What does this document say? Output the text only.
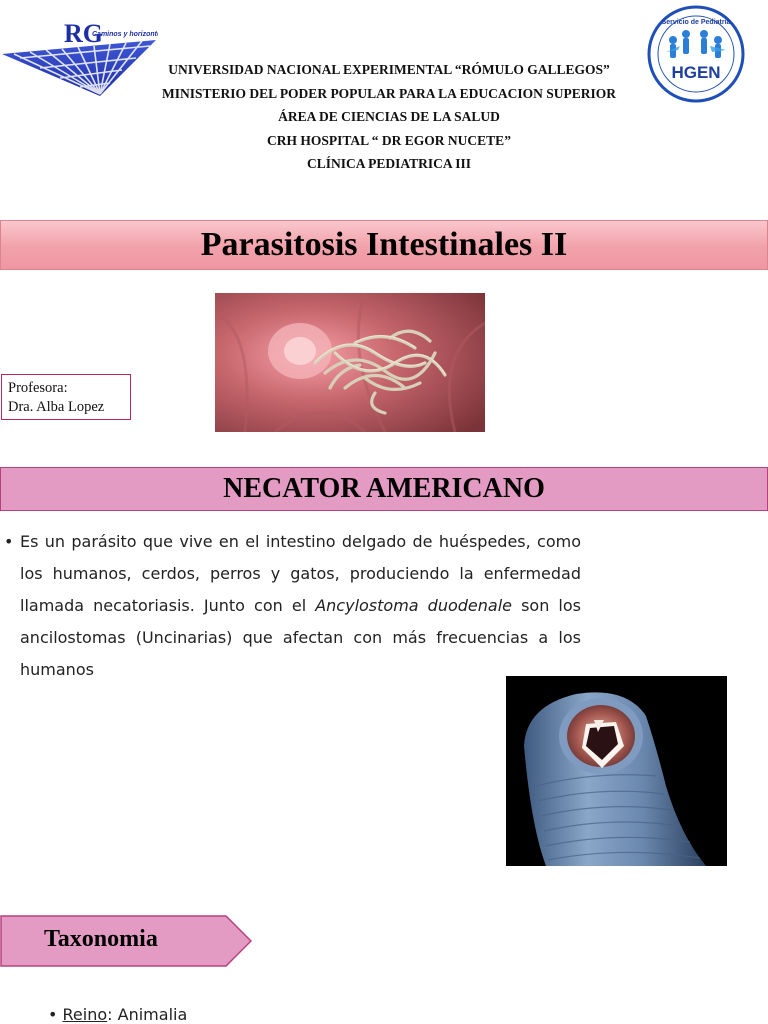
RG
Caminos y horizontes
HGEN
Servicio de Pediatría
UNIVERSIDAD NACIONAL EXPERIMENTAL “RÓMULO GALLEGOS”
MINISTERIO DEL PODER POPULAR PARA LA EDUCACION SUPERIOR
ÁREA DE CIENCIAS DE LA SALUD
CRH HOSPITAL “ DR EGOR NUCETE”
CLÍNICA PEDIATRICA III
Parasitosis Intestinales II
Profesora:
Dra. Alba Lopez
NECATOR AMERICANO
• Es un parásito que vive en el intestino delgado de huéspedes, como los humanos, cerdos, perros y gatos, produciendo la enfermedad llamada necatoriasis. Junto con el Ancylostoma duodenale son los ancilostomas (Uncinarias) que afectan con más frecuencias a los humanos

Taxonomia
• Reino: Animalia
